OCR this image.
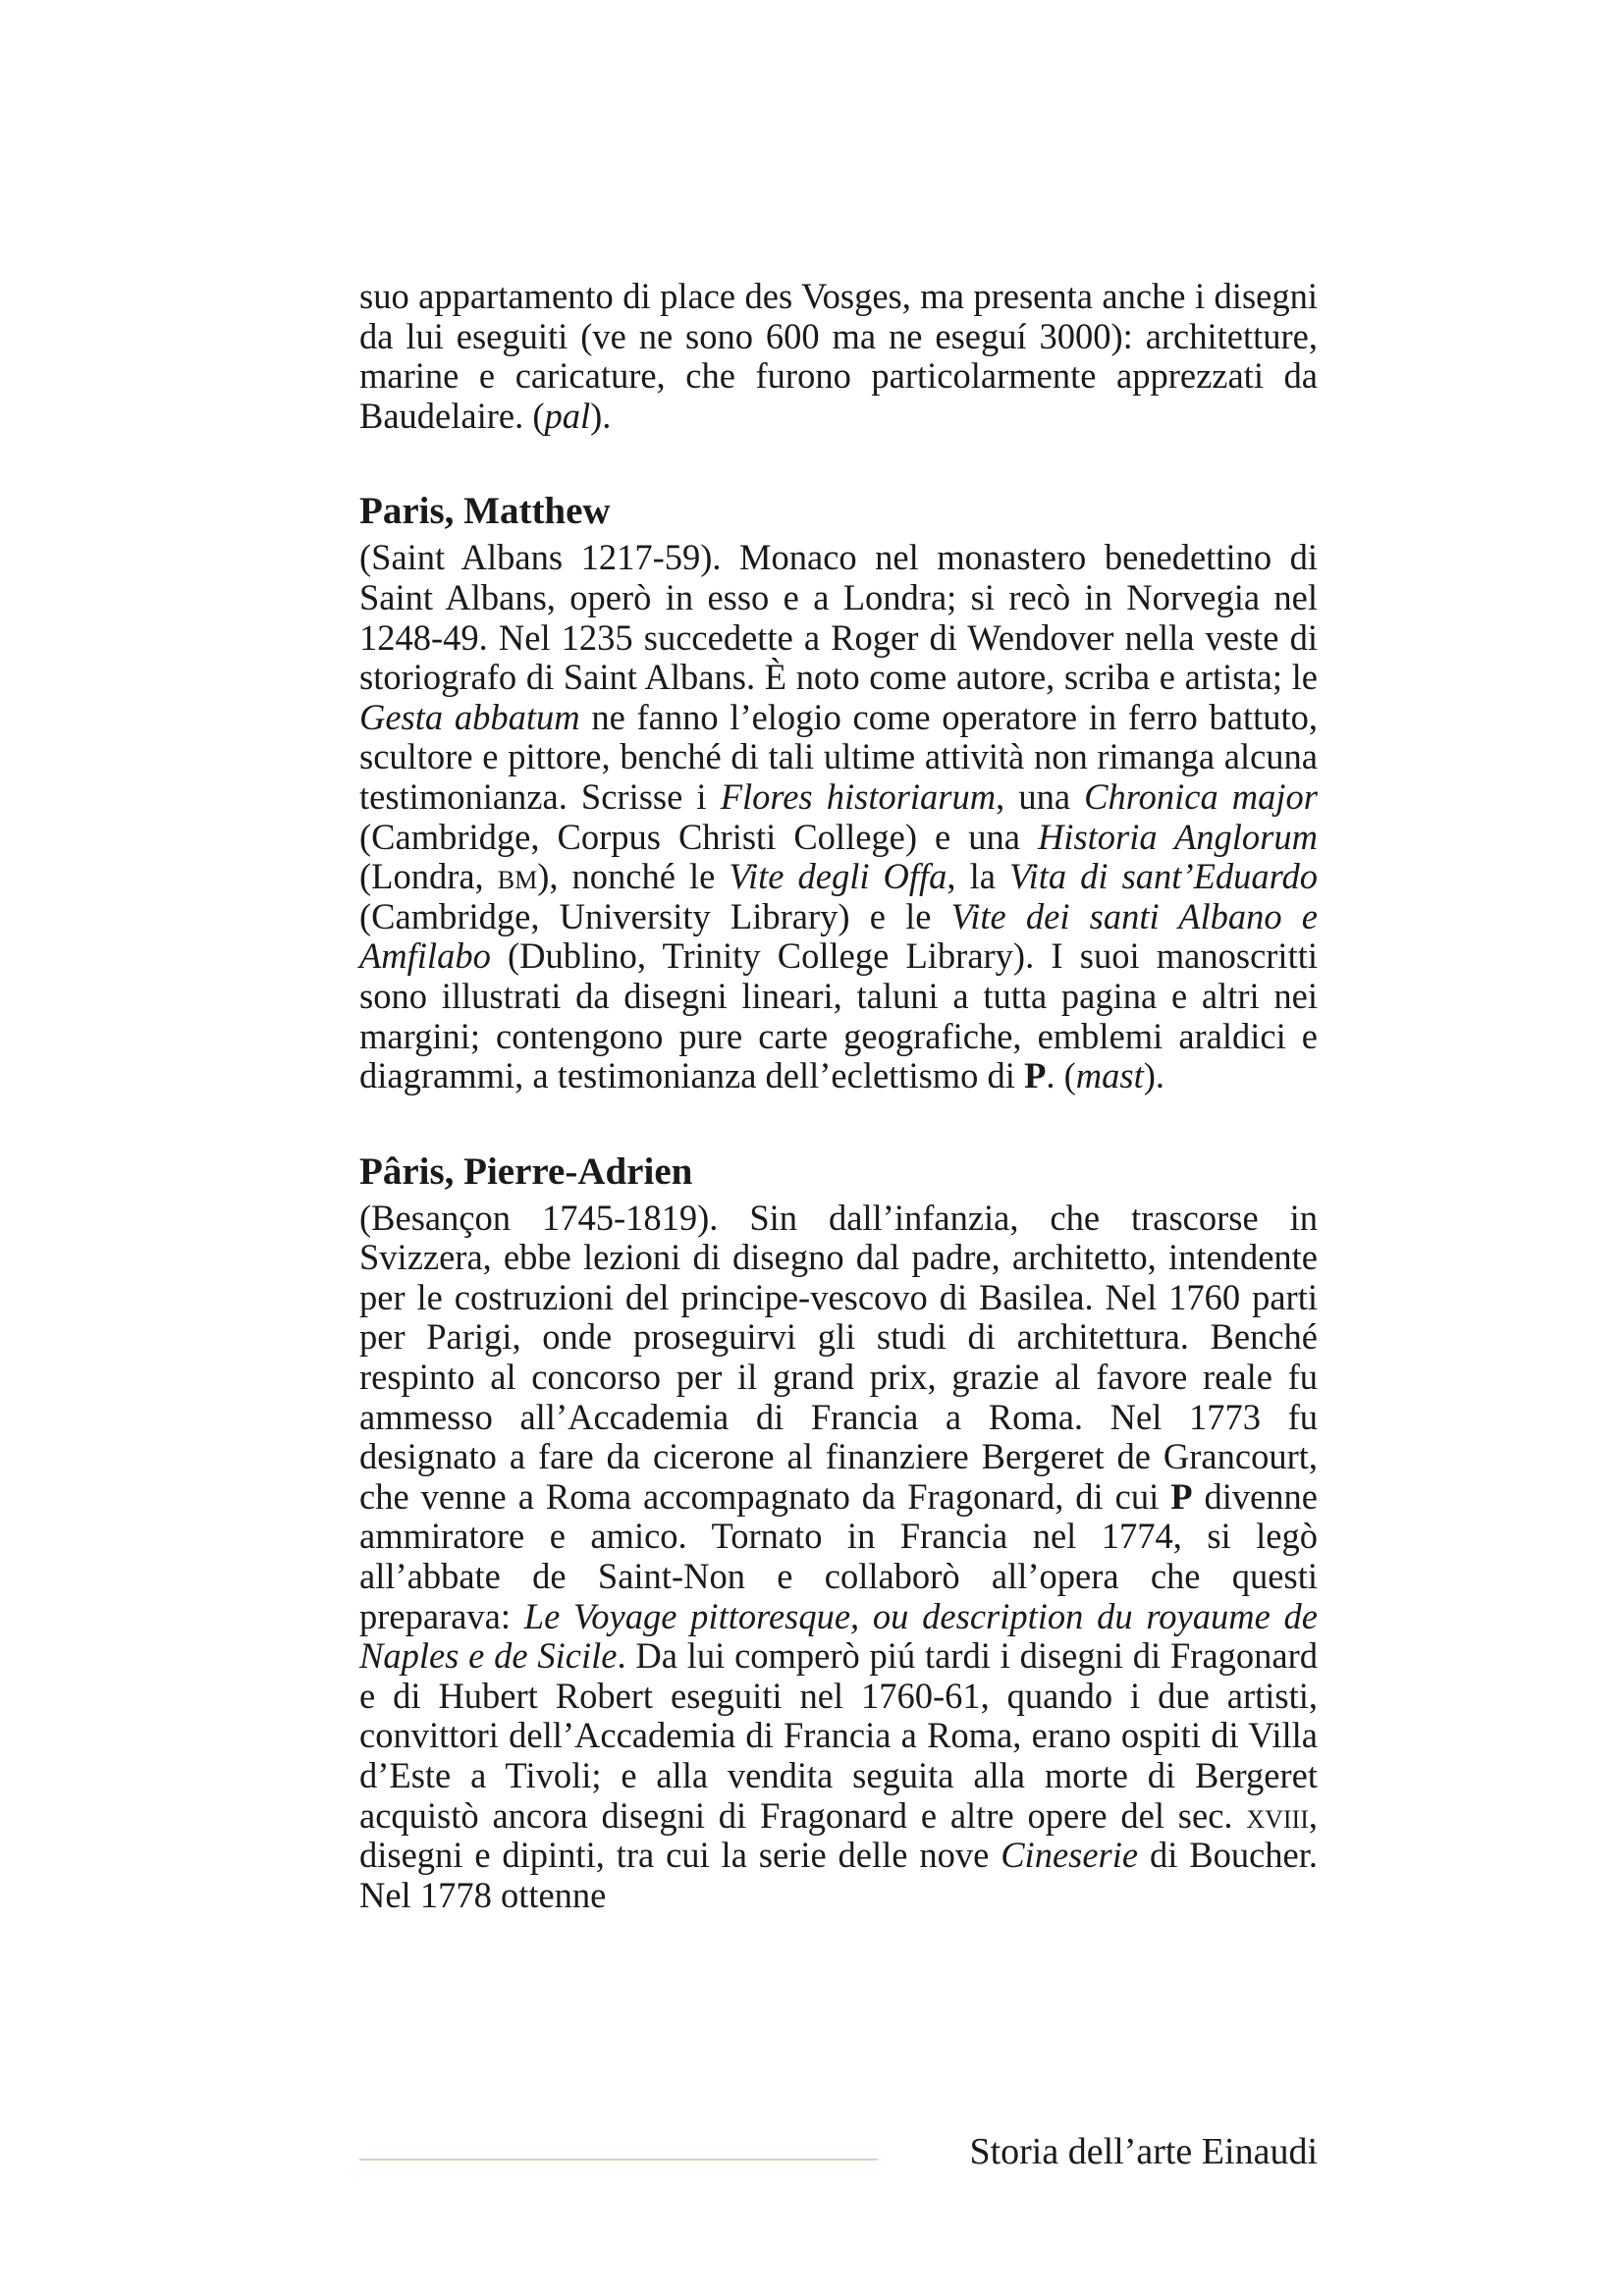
suo appartamento di place des Vosges, ma presenta anche i disegni da lui eseguiti (ve ne sono 600 ma ne eseguí 3000): architetture, marine e caricature, che furono particolarmente apprezzati da Baudelaire. (pal).

Paris, Matthew

(Saint Albans 1217-59). Monaco nel monastero benedettino di Saint Albans, operò in esso e a Londra; si recò in Norvegia nel 1248-49. Nel 1235 succedette a Roger di Wendover nella veste di storiografo di Saint Albans. È noto come autore, scriba e artista; le Gesta abbatum ne fanno l’elogio come operatore in ferro battuto, scultore e pittore, benché di tali ultime attività non rimanga alcuna testimonianza. Scrisse i Flores historiarum, una Chronica major (Cambridge, Corpus Christi College) e una Historia Anglorum (Londra, bm), nonché le Vite degli Offa, la Vita di sant’Eduardo (Cambridge, University Library) e le Vite dei santi Albano e Amfilabo (Dublino, Trinity College Library). I suoi manoscritti sono illustrati da disegni lineari, taluni a tutta pagina e altri nei margini; contengono pure carte geografiche, emblemi araldici e diagrammi, a testimonianza dell’eclettismo di P. (mast).

Pâris, Pierre-Adrien

(Besançon 1745-1819). Sin dall’infanzia, che trascorse in Svizzera, ebbe lezioni di disegno dal padre, architetto, intendente per le costruzioni del principe-vescovo di Basilea. Nel 1760 parti per Parigi, onde proseguirvi gli studi di architettura. Benché respinto al concorso per il grand prix, grazie al favore reale fu ammesso all’Accademia di Francia a Roma. Nel 1773 fu designato a fare da cicerone al finanziere Bergeret de Grancourt, che venne a Roma accompagnato da Fragonard, di cui P divenne ammiratore e amico. Tornato in Francia nel 1774, si legò all’abbate de Saint-Non e collaborò all’opera che questi preparava: Le Voyage pittoresque, ou description du royaume de Naples e de Sicile. Da lui comperò piú tardi i disegni di Fragonard e di Hubert Robert eseguiti nel 1760-61, quando i due artisti, convittori dell’Accademia di Francia a Roma, erano ospiti di Villa d’Este a Tivoli; e alla vendita seguita alla morte di Bergeret acquistò ancora disegni di Fragonard e altre opere del sec. xviii, disegni e dipinti, tra cui la serie delle nove Cineserie di Boucher. Nel 1778 ottenne

Storia dell’arte Einaudi
